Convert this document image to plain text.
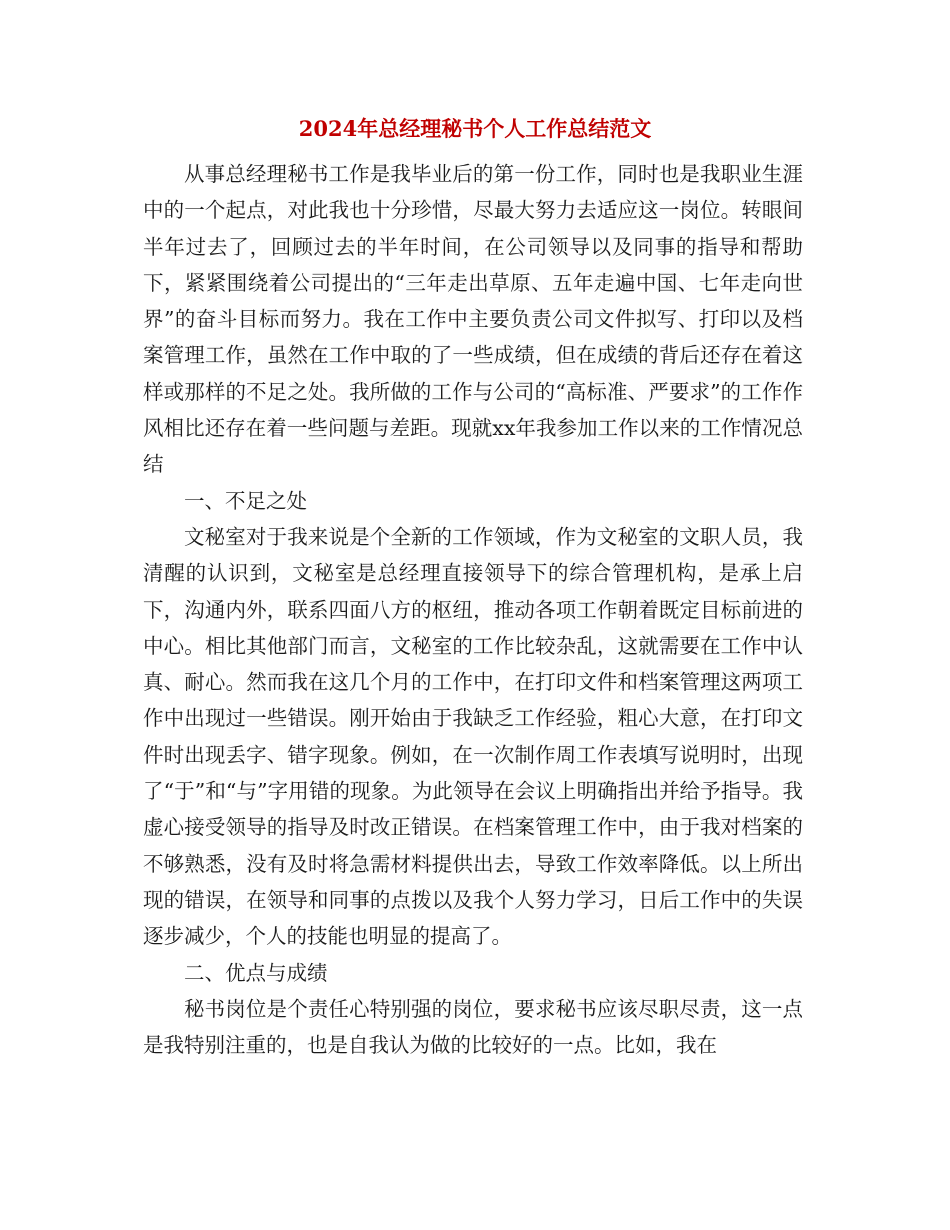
2024年总经理秘书个人工作总结范文

从事总经理秘书工作是我毕业后的第一份工作，同时也是我职业生涯中的一个起点，对此我也十分珍惜，尽最大努力去适应这一岗位。转眼间半年过去了，回顾过去的半年时间，在公司领导以及同事的指导和帮助下，紧紧围绕着公司提出的“三年走出草原、五年走遍中国、七年走向世界”的奋斗目标而努力。我在工作中主要负责公司文件拟写、打印以及档案管理工作，虽然在工作中取的了一些成绩，但在成绩的背后还存在着这样或那样的不足之处。我所做的工作与公司的“高标准、严要求”的工作作风相比还存在着一些问题与差距。现就xx年我参加工作以来的工作情况总结

一、不足之处

文秘室对于我来说是个全新的工作领域，作为文秘室的文职人员，我清醒的认识到，文秘室是总经理直接领导下的综合管理机构，是承上启下，沟通内外，联系四面八方的枢纽，推动各项工作朝着既定目标前进的中心。相比其他部门而言，文秘室的工作比较杂乱，这就需要在工作中认真、耐心。然而我在这几个月的工作中，在打印文件和档案管理这两项工作中出现过一些错误。刚开始由于我缺乏工作经验，粗心大意，在打印文件时出现丢字、错字现象。例如，在一次制作周工作表填写说明时，出现了“于”和“与”字用错的现象。为此领导在会议上明确指出并给予指导。我虚心接受领导的指导及时改正错误。在档案管理工作中，由于我对档案的不够熟悉，没有及时将急需材料提供出去，导致工作效率降低。以上所出现的错误，在领导和同事的点拨以及我个人努力学习，日后工作中的失误逐步减少，个人的技能也明显的提高了。

二、优点与成绩

秘书岗位是个责任心特别强的岗位，要求秘书应该尽职尽责，这一点是我特别注重的，也是自我认为做的比较好的一点。比如，我在
